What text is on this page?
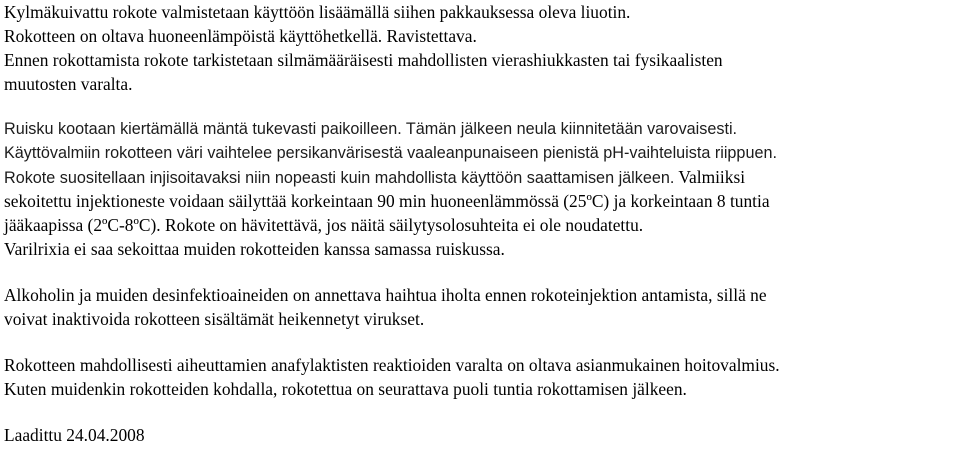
Kylmäkuivattu rokote valmistetaan käyttöön lisäämällä siihen pakkauksessa oleva liuotin.

Rokotteen on oltava huoneenlämpöistä käyttöhetkellä. Ravistettava.

Ennen rokottamista rokote tarkistetaan silmämääräisesti mahdollisten vierashiukkasten tai fysikaalisten

muutosten varalta.

Ruisku kootaan kiertämällä mäntä tukevasti paikoilleen. Tämän jälkeen neula kiinnitetään varovaisesti.

Käyttövalmiin rokotteen väri vaihtelee persikanvärisestä vaaleanpunaiseen pienistä pH-vaihteluista riippuen.

Rokote suositellaan injisoitavaksi niin nopeasti kuin mahdollista käyttöön saattamisen jälkeen. Valmiiksi

sekoitettu injektioneste voidaan säilyttää korkeintaan 90 min huoneenlämmössä (25ºC) ja korkeintaan 8 tuntia

jääkaapissa (2ºC-8ºC). Rokote on hävitettävä, jos näitä säilytysolosuhteita ei ole noudatettu.

Varilrixia ei saa sekoittaa muiden rokotteiden kanssa samassa ruiskussa.

Alkoholin ja muiden desinfektioaineiden on annettava haihtua iholta ennen rokoteinjektion antamista, sillä ne

voivat inaktivoida rokotteen sisältämät heikennetyt virukset.

Rokotteen mahdollisesti aiheuttamien anafylaktisten reaktioiden varalta on oltava asianmukainen hoitovalmius.

Kuten muidenkin rokotteiden kohdalla, rokotettua on seurattava puoli tuntia rokottamisen jälkeen.

Laadittu 24.04.2008
